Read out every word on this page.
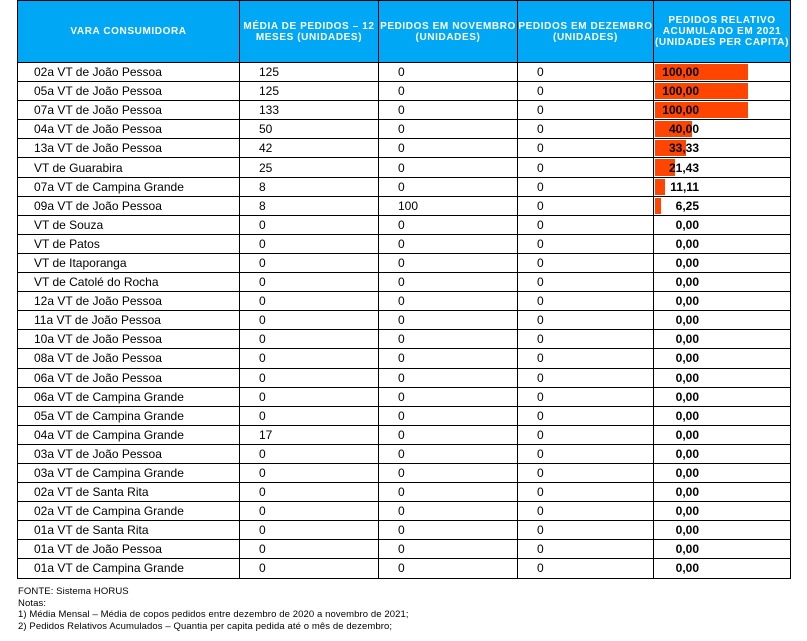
VARA CONSUMIDORA	MÉDIA DE PEDIDOS – 12 MESES (UNIDADES)	PEDIDOS EM NOVEMBRO (UNIDADES)	PEDIDOS EM DEZEMBRO (UNIDADES)	PEDIDOS RELATIVO ACUMULADO EM 2021 (UNIDADES PER CAPITA)
02a VT de João Pessoa	125	0	0	100,00

05a VT de João Pessoa	125	0	0	100,00

07a VT de João Pessoa	133	0	0	100,00

04a VT de João Pessoa	50	0	0	40,00

13a VT de João Pessoa	42	0	0	33,33

VT de Guarabira	25	0	0	21,43

07a VT de Campina Grande	8	0	0	11,11

09a VT de João Pessoa	8	100	0	6,25

VT de Souza	0	0	0	0,00

VT de Patos	0	0	0	0,00

VT de Itaporanga	0	0	0	0,00

VT de Catolé do Rocha	0	0	0	0,00

12a VT de João Pessoa	0	0	0	0,00

11a VT de João Pessoa	0	0	0	0,00

10a VT de João Pessoa	0	0	0	0,00

08a VT de João Pessoa	0	0	0	0,00

06a VT de João Pessoa	0	0	0	0,00

06a VT de Campina Grande	0	0	0	0,00

05a VT de Campina Grande	0	0	0	0,00

04a VT de Campina Grande	17	0	0	0,00

03a VT de João Pessoa	0	0	0	0,00

03a VT de Campina Grande	0	0	0	0,00

02a VT de Santa Rita	0	0	0	0,00

02a VT de Campina Grande	0	0	0	0,00

01a VT de Santa Rita	0	0	0	0,00

01a VT de João Pessoa	0	0	0	0,00

01a VT de Campina Grande	0	0	0	0,00
FONTE: Sistema HORUS
Notas:
1) Média Mensal – Média de copos pedidos entre dezembro de 2020 a novembro de 2021;
2) Pedidos Relativos Acumulados – Quantia per capita pedida até o mês de dezembro;
